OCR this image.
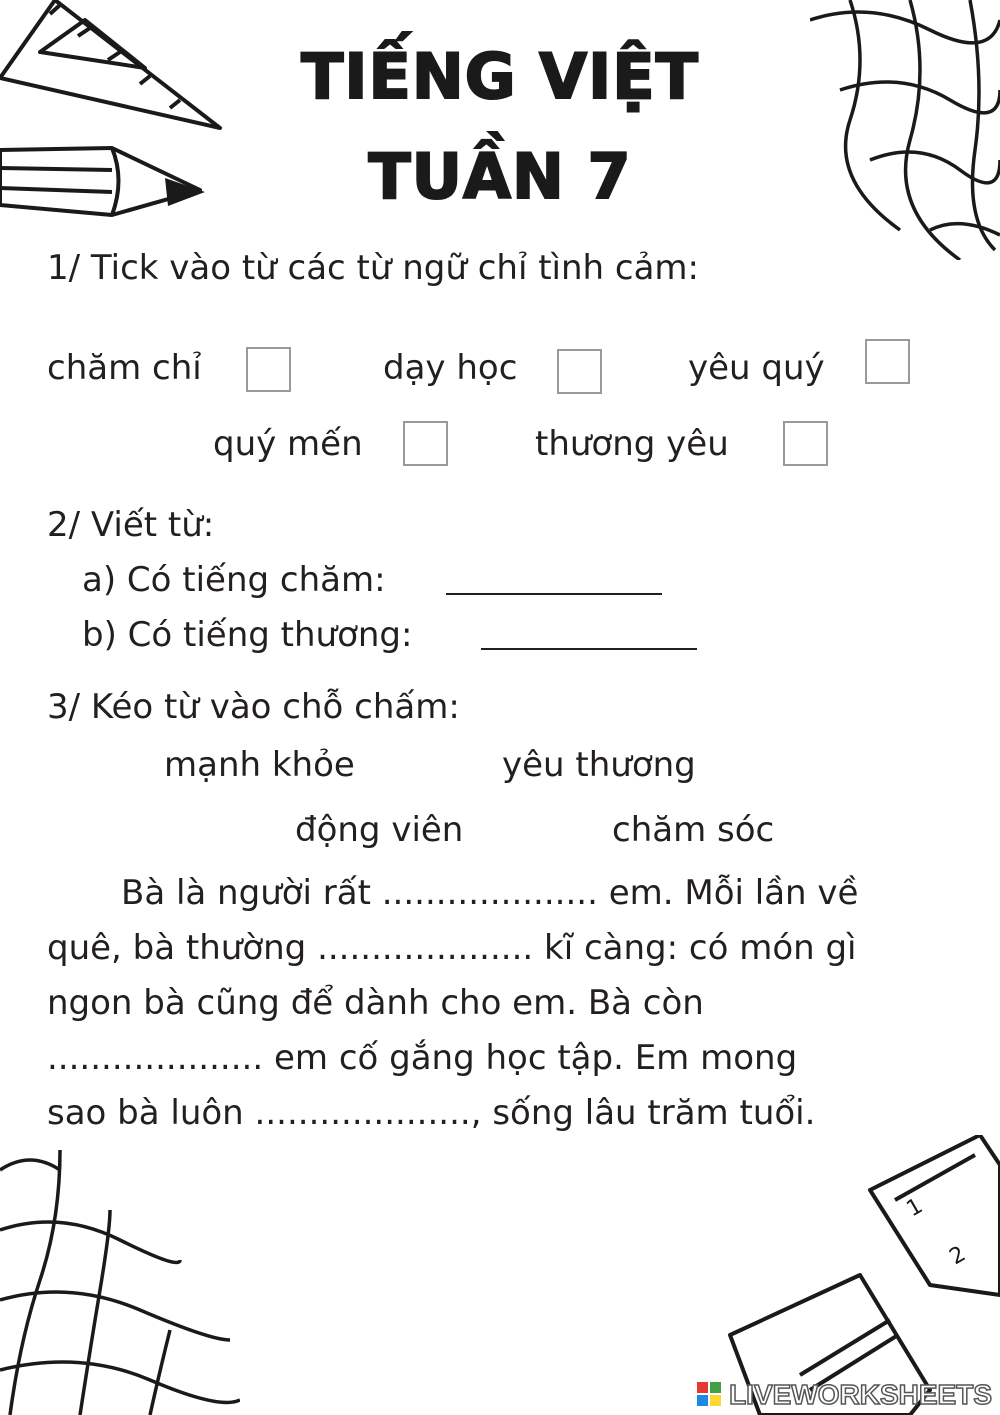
1
2
TIẾNG VIỆT
TUẦN 7
1/ Tick vào từ các từ ngữ chỉ tình cảm:
chăm chỉ	dạy học	yêu quý
quý mến	thương yêu
2/ Viết từ:
a) Có tiếng chăm:
b) Có tiếng thương:
3/ Kéo từ vào chỗ chấm:
mạnh khỏe	yêu thương
động viên	chăm sóc
Bà là người rất .................... em. Mỗi lần về
quê, bà thường .................... kĩ càng: có món gì
ngon bà cũng để dành cho em. Bà còn
.................... em cố gắng học tập. Em mong
sao bà luôn ...................., sống lâu trăm tuổi.
LIVEWORKSHEETS
